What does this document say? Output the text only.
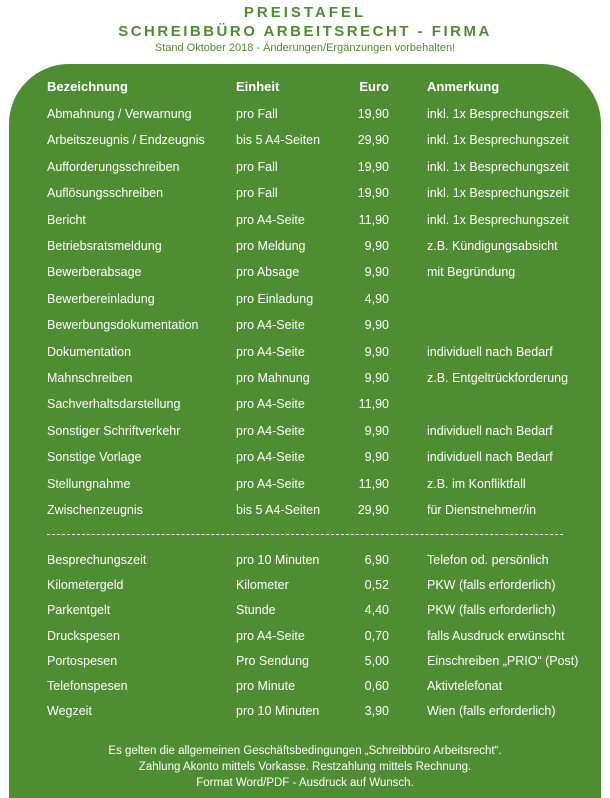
PREISTAFEL
SCHREIBBÜRO ARBEITSRECHT - FIRMA
Stand Oktober 2018 - Änderungen/Ergänzungen vorbehalten!
Bezeichnung	Einheit	Euro	Anmerkung
Abmahnung / Verwarnung	pro Fall	19,90	inkl. 1x Besprechungszeit
Arbeitszeugnis / Endzeugnis	bis 5 A4-Seiten	29,90	inkl. 1x Besprechungszeit
Aufforderungsschreiben	pro Fall	19,90	inkl. 1x Besprechungszeit
Auflösungsschreiben	pro Fall	19,90	inkl. 1x Besprechungszeit
Bericht	pro A4-Seite	11,90	inkl. 1x Besprechungszeit
Betriebsratsmeldung	pro Meldung	9,90	z.B. Kündigungsabsicht
Bewerberabsage	pro Absage	9,90	mit Begründung
Bewerbereinladung	pro Einladung	4,90
Bewerbungsdokumentation	pro A4-Seite	9,90
Dokumentation	pro A4-Seite	9,90	individuell nach Bedarf
Mahnschreiben	pro Mahnung	9,90	z.B. Entgeltrückforderung
Sachverhaltsdarstellung	pro A4-Seite	11,90
Sonstiger Schriftverkehr	pro A4-Seite	9,90	individuell nach Bedarf
Sonstige Vorlage	pro A4-Seite	9,90	individuell nach Bedarf
Stellungnahme	pro A4-Seite	11,90	z.B. im Konfliktfall
Zwischenzeugnis	bis 5 A4-Seiten	29,90	für Dienstnehmer/in
Besprechungszeit	pro 10 Minuten	6,90	Telefon od. persönlich
Kilometergeld	Kilometer	0,52	PKW (falls erforderlich)
Parkentgelt	Stunde	4,40	PKW (falls erforderlich)
Druckspesen	pro A4-Seite	0,70	falls Ausdruck erwünscht
Portospesen	Pro Sendung	5,00	Einschreiben „PRIO“ (Post)
Telefonspesen	pro Minute	0,60	Aktivtelefonat
Wegzeit	pro 10 Minuten	3,90	Wien (falls erforderlich)
Es gelten die allgemeinen Geschäftsbedingungen „Schreibbüro Arbeitsrecht“.
Zahlung Akonto mittels Vorkasse. Restzahlung mittels Rechnung.
Format Word/PDF - Ausdruck auf Wunsch.
